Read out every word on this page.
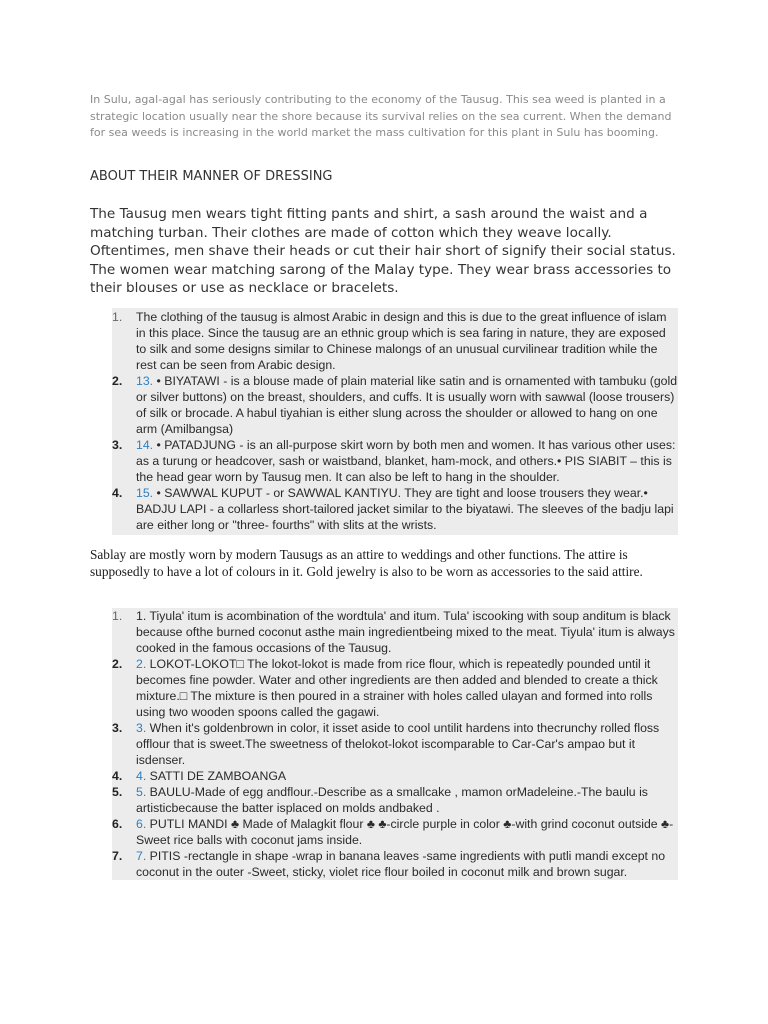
In Sulu, agal-agal has seriously contributing to the economy of the Tausug. This sea weed is planted in a strategic location usually near the shore because its survival relies on the sea current. When the demand for sea weeds is increasing in the world market the mass cultivation for this plant in Sulu has booming.

ABOUT THEIR MANNER OF DRESSING

The Tausug men wears tight fitting pants and shirt, a sash around the waist and a matching turban. Their clothes are made of cotton which they weave locally. Oftentimes, men shave their heads or cut their hair short of signify their social status. The women wear matching sarong of the Malay type. They wear brass accessories to their blouses or use as necklace or bracelets.

1.	The clothing of the tausug is almost Arabic in design and this is due to the great influence of islam in this place. Since the tausug are an ethnic group which is sea faring in nature, they are exposed to silk and some designs similar to Chinese malongs of an unusual curvilinear tradition while the rest can be seen from Arabic design.
2.	13. • BIYATAWI - is a blouse made of plain material like satin and is ornamented with tambuku (gold or silver buttons) on the breast, shoulders, and cuffs. It is usually worn with sawwal (loose trousers) of silk or brocade. A habul tiyahian is either slung across the shoulder or allowed to hang on one arm (Amilbangsa)
3.	14. • PATADJUNG - is an all-purpose skirt worn by both men and women. It has various other uses: as a turung or headcover, sash or waistband, blanket, ham-mock, and others.• PIS SIABIT – this is the head gear worn by Tausug men. It can also be left to hang in the shoulder.
4.	15. • SAWWAL KUPUT - or SAWWAL KANTIYU. They are tight and loose trousers they wear.• BADJU LAPI - a collarless short-tailored jacket similar to the biyatawi. The sleeves of the badju lapi are either long or "three- fourths" with slits at the wrists.

Sablay are mostly worn by modern Tausugs as an attire to weddings and other functions. The attire is supposedly to have a lot of colours in it. Gold jewelry is also to be worn as accessories to the said attire.

1.	1. Tiyula' itum is acombination of the wordtula' and itum. Tula' iscooking with soup anditum is black because ofthe burned coconut asthe main ingredientbeing mixed to the meat. Tiyula' itum is always cooked in the famous occasions of the Tausug.
2.	2. LOKOT-LOKOT□ The lokot-lokot is made from rice flour, which is repeatedly pounded until it becomes fine powder. Water and other ingredients are then added and blended to create a thick mixture.□ The mixture is then poured in a strainer with holes called ulayan and formed into rolls using two wooden spoons called the gagawi.
3.	3. When it's goldenbrown in color, it isset aside to cool untilit hardens into thecrunchy rolled floss offlour that is sweet.The sweetness of thelokot-lokot iscomparable to Car-Car's ampao but it isdenser.
4.	4. SATTI DE ZAMBOANGA
5.	5. BAULU-Made of egg andflour.-Describe as a smallcake , mamon orMadeleine.-The baulu is artisticbecause the batter isplaced on molds andbaked .
6.	6. PUTLI MANDI ♣ Made of Malagkit flour ♣ ♣-circle purple in color ♣-with grind coconut outside ♣-Sweet rice balls with coconut jams inside.
7.	7. PITIS -rectangle in shape -wrap in banana leaves -same ingredients with putli mandi except no coconut in the outer -Sweet, sticky, violet rice flour boiled in coconut milk and brown sugar.
